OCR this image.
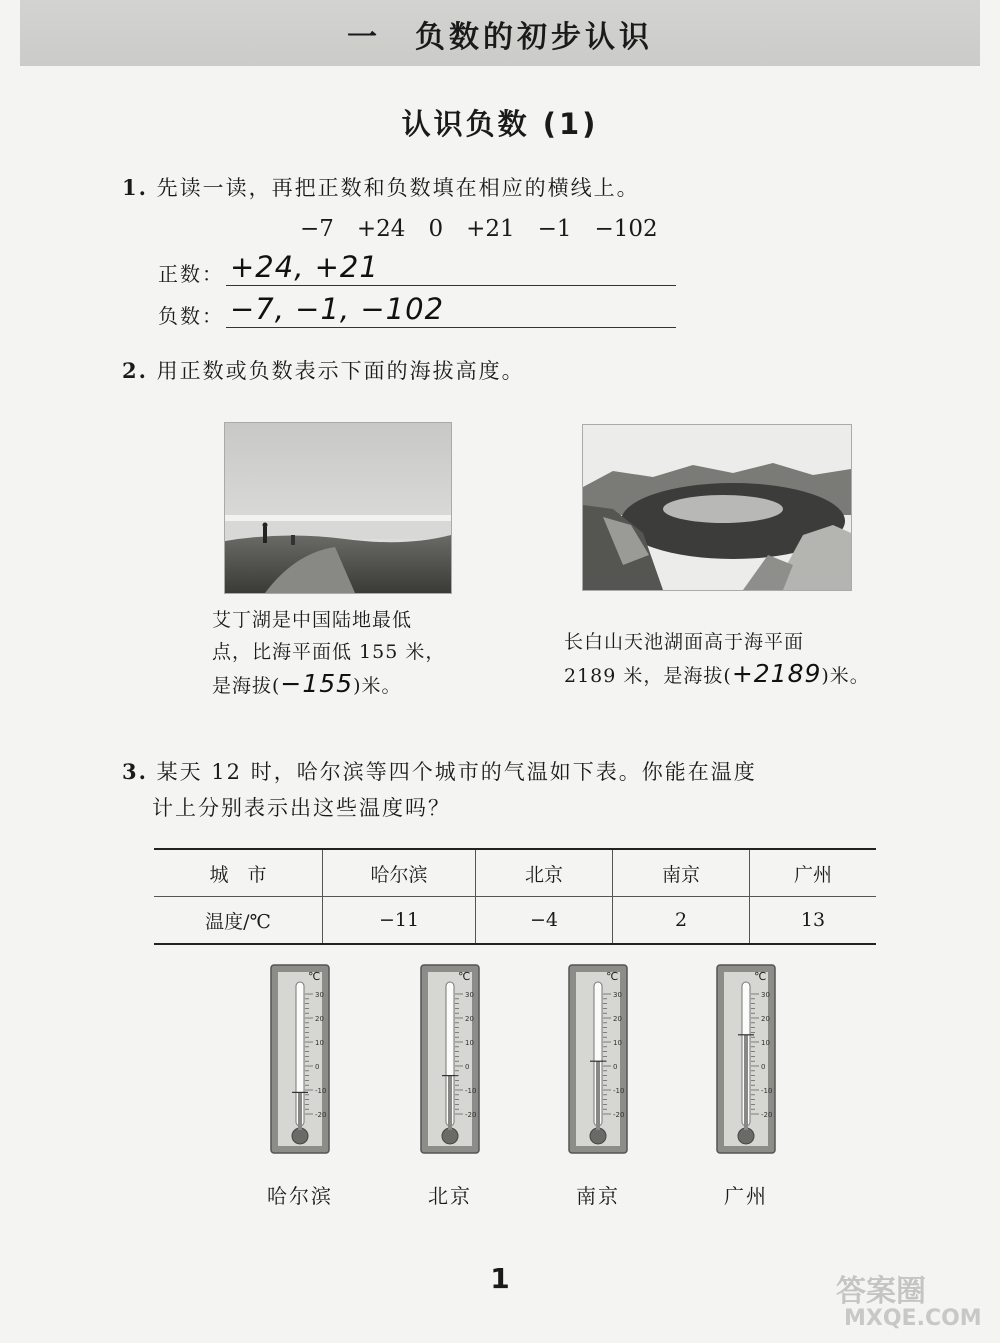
一　负数的初步认识
认识负数 (1)
1. 先读一读，再把正数和负数填在相应的横线上。
−7　+24　0　+21　−1　−102
正数： +24, +21
负数： −7, −1, −102
2. 用正数或负数表示下面的海拔高度。
艾丁湖是中国陆地最低
点，比海平面低 155 米，
是海拔(−155)米。
长白山天池湖面高于海平面
2189 米，是海拔(+2189)米。
3. 某天 12 时，哈尔滨等四个城市的气温如下表。你能在温度
计上分别表示出这些温度吗？
城　市	哈尔滨	北京	南京	广州
温度/℃	−11	−4	2	13
30
20
10
0
-10
-20
℃
哈尔滨
30
20
10
0
-10
-20
℃
北京
30
20
10
0
-10
-20
℃
南京
30
20
10
0
-10
-20
℃
广州
1	答案圈
MXQE.COM
